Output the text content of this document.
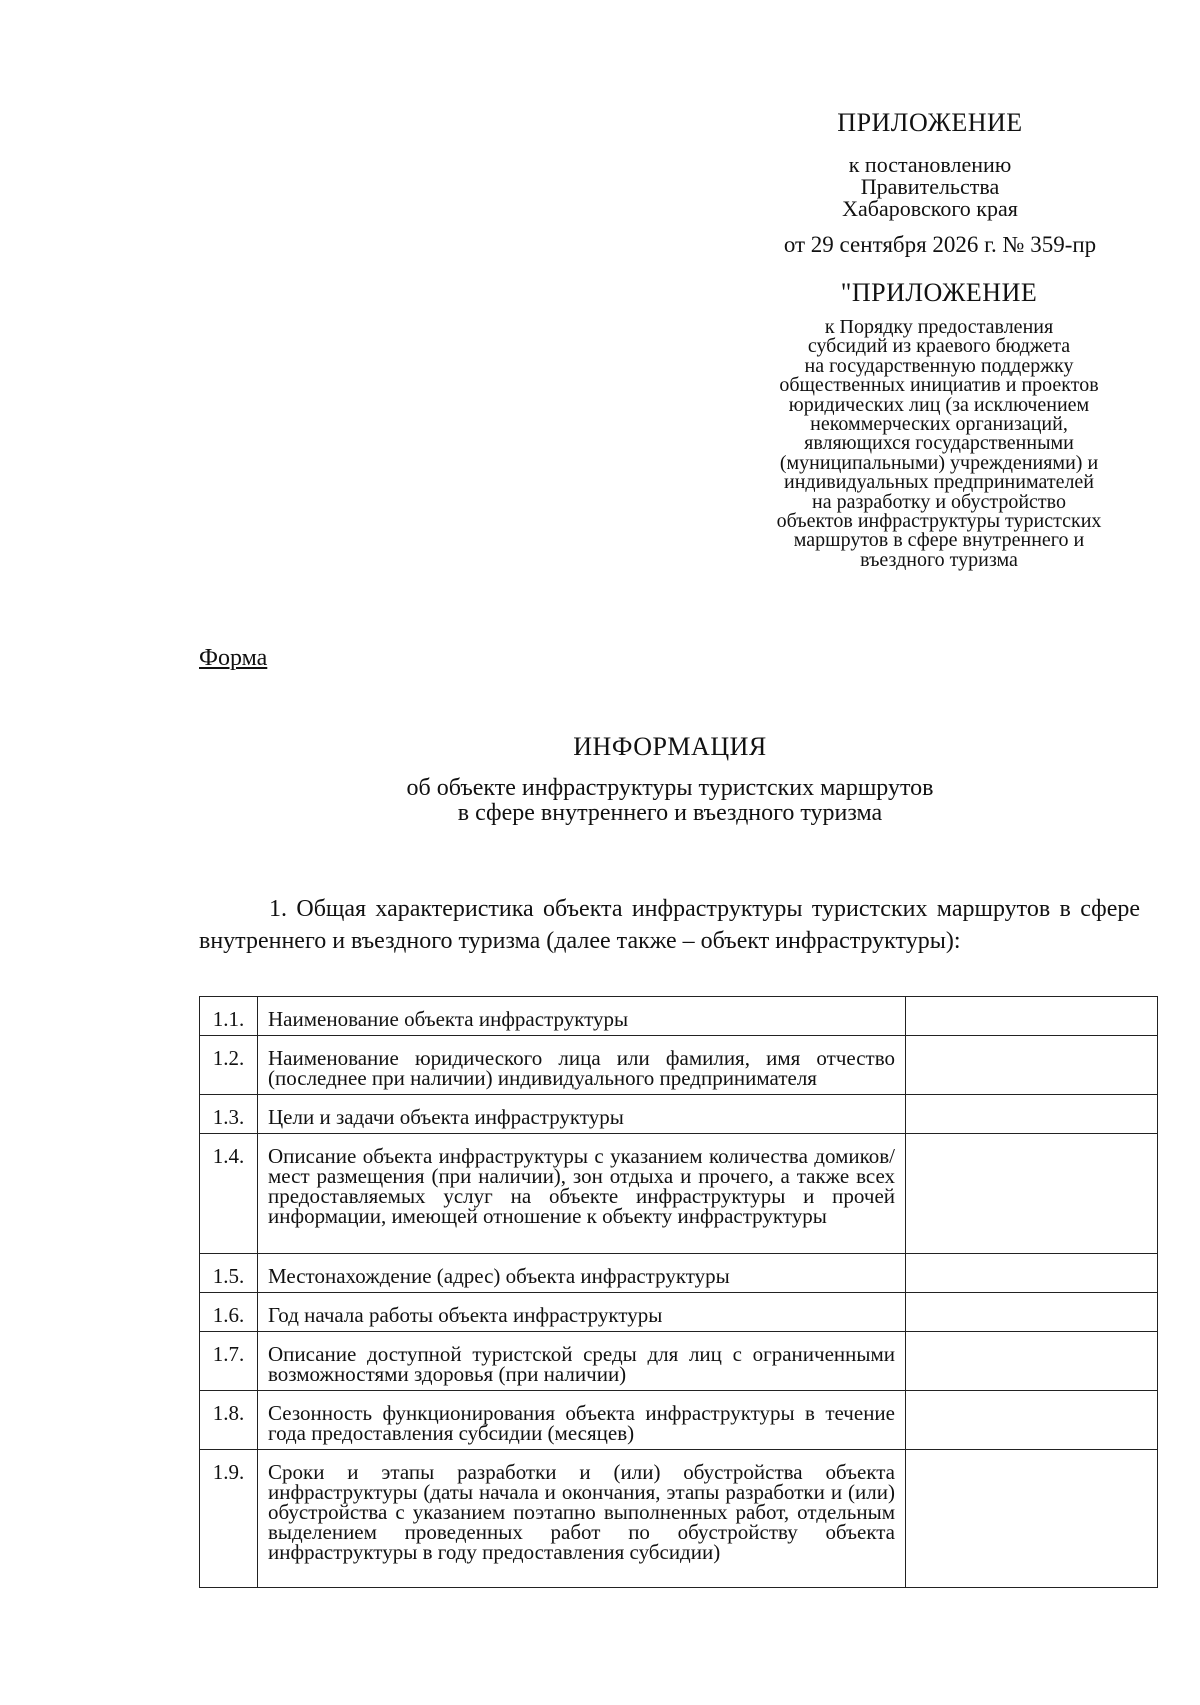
ПРИЛОЖЕНИЕ
к постановлению
Правительства
Хабаровского края
от 29 сентября 2026 г. № 359-пр
"ПРИЛОЖЕНИЕ
к Порядку предоставления
субсидий из краевого бюджета
на государственную поддержку
общественных инициатив и проектов
юридических лиц (за исключением
некоммерческих организаций,
являющихся государственными
(муниципальными) учреждениями) и
индивидуальных предпринимателей
на разработку и обустройство
объектов инфраструктуры туристских
маршрутов в сфере внутреннего и
въездного туризма
Форма
ИНФОРМАЦИЯ
об объекте инфраструктуры туристских маршрутов
в сфере внутреннего и въездного туризма
1. Общая характеристика объекта инфраструктуры туристских маршрутов в сфере внутреннего и въездного туризма (далее также – объект инфраструктуры):
1.1.	Наименование объекта инфраструктуры	
1.2.	Наименование юридического лица или фамилия, имя отчество (последнее при наличии) индивидуального предпринимателя	
1.3.	Цели и задачи объекта инфраструктуры	
1.4.	Описание объекта инфраструктуры с указанием количества домиков/мест размещения (при наличии), зон отдыха и прочего, а также всех предоставляемых услуг на объекте инфраструктуры и прочей информации, имеющей отношение к объекту инфраструктуры	
1.5.	Местонахождение (адрес) объекта инфраструктуры	
1.6.	Год начала работы объекта инфраструктуры	
1.7.	Описание доступной туристской среды для лиц с ограниченными возможностями здоровья (при наличии)	
1.8.	Сезонность функционирования объекта инфраструктуры в течение года предоставления субсидии (месяцев)	
1.9.	Сроки и этапы разработки и (или) обустройства объекта инфраструктуры (даты начала и окончания, этапы разработки и (или) обустройства с указанием поэтапно выполненных работ, отдельным выделением проведенных работ по обустройству объекта инфраструктуры в году предоставления субсидии)	
